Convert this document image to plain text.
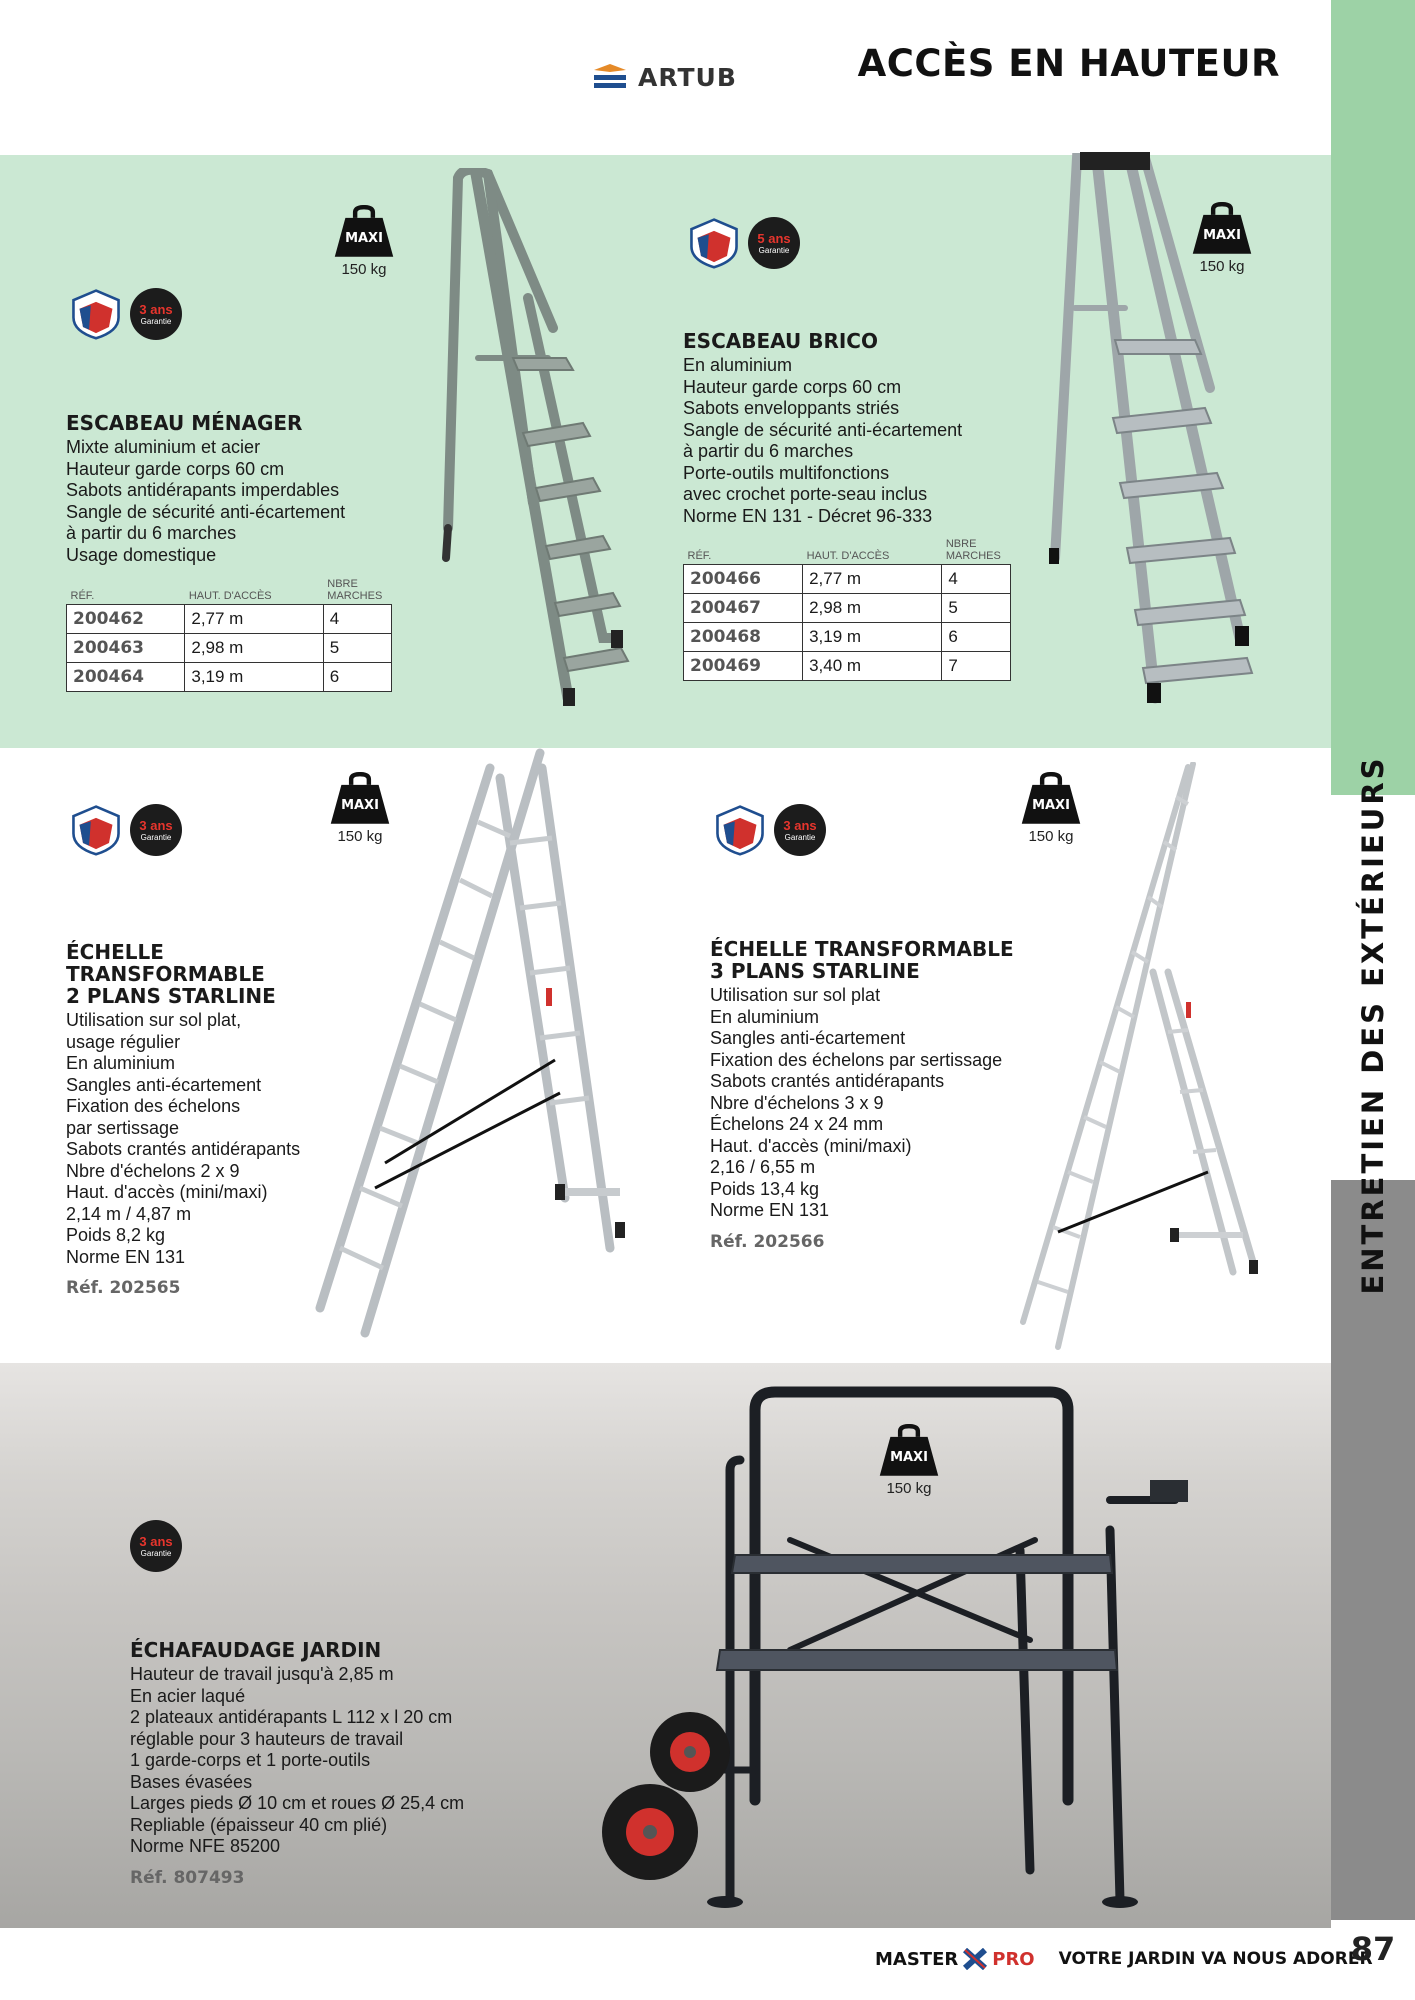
ENTRETIEN DES EXTÉRIEURS
ARTUB	ACCÈS EN HAUTEUR
3 ans
Garantie
MAXI
150 kg
ESCABEAU MÉNAGER
Mixte aluminium et acier
Hauteur garde corps 60 cm
Sabots antidérapants imperdables
Sangle de sécurité anti-écartement
à partir du 6 marches
Usage domestique
RÉF.	HAUT. D'ACCÈS	NBRE MARCHES
200462	2,77 m	4
200463	2,98 m	5
200464	3,19 m	6
5 ans
Garantie
MAXI
150 kg
ESCABEAU BRICO
En aluminium
Hauteur garde corps 60 cm
Sabots enveloppants striés
Sangle de sécurité anti-écartement
à partir du 6 marches
Porte-outils multifonctions
avec crochet porte-seau inclus
Norme EN 131 - Décret 96-333
RÉF.	HAUT. D'ACCÈS	NBRE MARCHES
200466	2,77 m	4
200467	2,98 m	5
200468	3,19 m	6
200469	3,40 m	7
3 ans
Garantie
MAXI
150 kg
ÉCHELLE
TRANSFORMABLE
2 PLANS STARLINE
Utilisation sur sol plat,
usage régulier
En aluminium
Sangles anti-écartement
Fixation des échelons
par sertissage
Sabots crantés antidérapants
Nbre d'échelons 2 x 9
Haut. d'accès (mini/maxi)
2,14 m / 4,87 m
Poids 8,2 kg
Norme EN 131
Réf. 202565
3 ans
Garantie
MAXI
150 kg
ÉCHELLE TRANSFORMABLE
3 PLANS STARLINE
Utilisation sur sol plat
En aluminium
Sangles anti-écartement
Fixation des échelons par sertissage
Sabots crantés antidérapants
Nbre d'échelons 3 x 9
Échelons 24 x 24 mm
Haut. d'accès (mini/maxi)
2,16 / 6,55 m
Poids 13,4 kg
Norme EN 131
Réf. 202566
3 ans
Garantie
MAXI
150 kg
ÉCHAFAUDAGE JARDIN
Hauteur de travail jusqu'à 2,85 m
En acier laqué
2 plateaux antidérapants L 112 x l 20 cm
réglable pour 3 hauteurs de travail
1 garde-corps et 1 porte-outils
Bases évasées
Larges pieds Ø 10 cm et roues Ø 25,4 cm
Repliable (épaisseur 40 cm plié)
Norme NFE 85200
Réf. 807493
MASTER PRO VOTRE JARDIN VA NOUS ADORER
87
